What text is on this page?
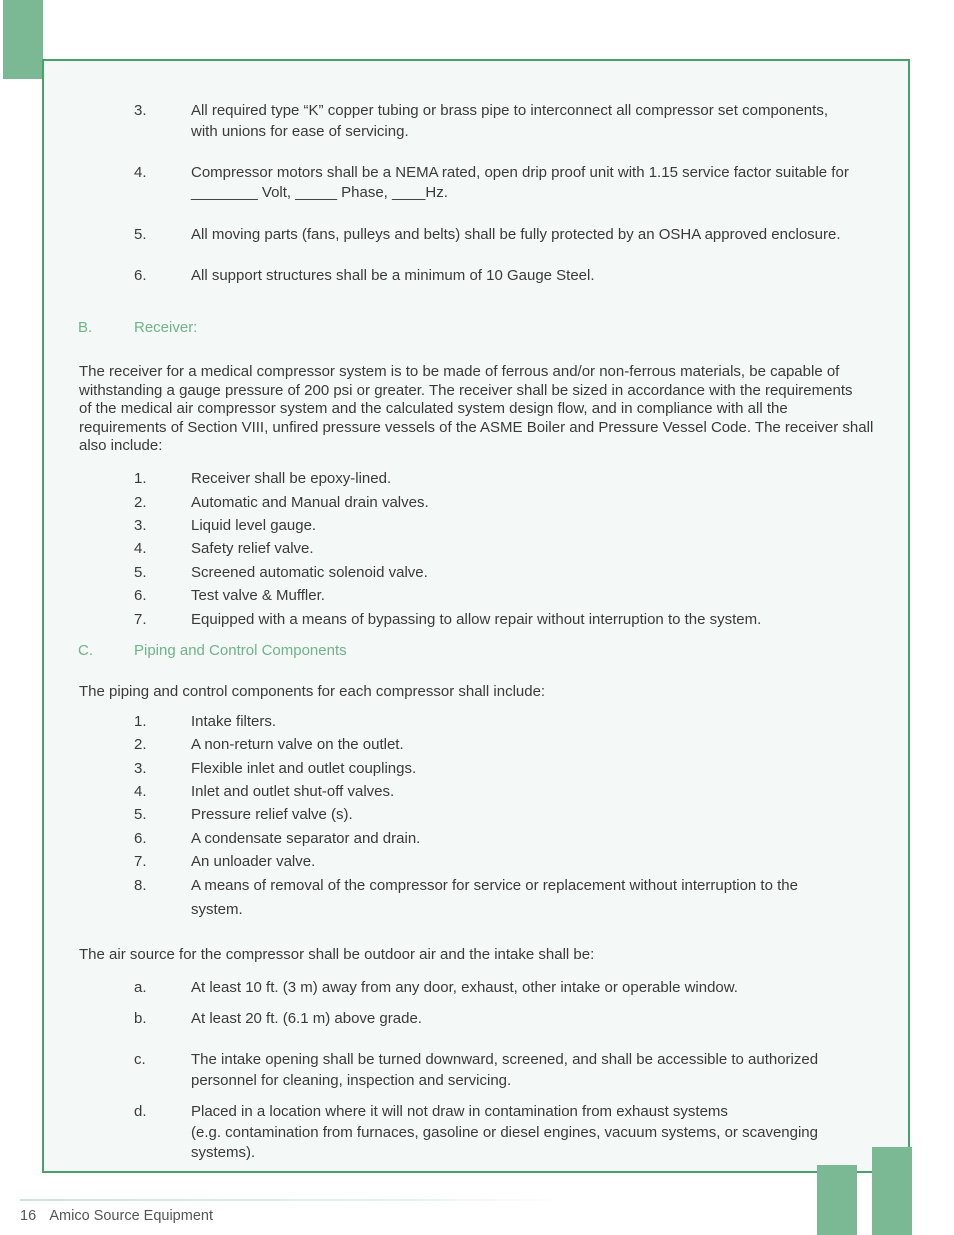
3.	All required type “K” copper tubing or brass pipe to interconnect all compressor set components,
with unions for ease of servicing.
4.	Compressor motors shall be a NEMA rated, open drip proof unit with 1.15 service factor suitable for
________ Volt, _____ Phase, ____Hz.
5.	All moving parts (fans, pulleys and belts) shall be fully protected by an OSHA approved enclosure.
6.	All support structures shall be a minimum of 10 Gauge Steel.
B.	Receiver:
The receiver for a medical compressor system is to be made of ferrous and/or non-ferrous materials, be capable of
withstanding a gauge pressure of 200 psi or greater. The receiver shall be sized in accordance with the requirements
of the medical air compressor system and the calculated system design flow, and in compliance with all the
requirements of Section VIII, unfired pressure vessels of the ASME Boiler and Pressure Vessel Code. The receiver shall
also include:
1.	Receiver shall be epoxy-lined.
2.	Automatic and Manual drain valves.
3.	Liquid level gauge.
4.	Safety relief valve.
5.	Screened automatic solenoid valve.
6.	Test valve & Muffler.
7.	Equipped with a means of bypassing to allow repair without interruption to the system.
C.	Piping and Control Components
The piping and control components for each compressor shall include:
1.	Intake filters.
2.	A non-return valve on the outlet.
3.	Flexible inlet and outlet couplings.
4.	Inlet and outlet shut-off valves.
5.	Pressure relief valve (s).
6.	A condensate separator and drain.
7.	An unloader valve.
8.	A means of removal of the compressor for service or replacement without interruption to the
system.
The air source for the compressor shall be outdoor air and the intake shall be:
a.	At least 10 ft. (3 m) away from any door, exhaust, other intake or operable window.
b.	At least 20 ft. (6.1 m) above grade.
c.	The intake opening shall be turned downward, screened, and shall be accessible to authorized
personnel for cleaning, inspection and servicing.
d.	Placed in a location where it will not draw in contamination from exhaust systems
(e.g. contamination from furnaces, gasoline or diesel engines, vacuum systems, or scavenging
systems).
16 Amico Source Equipment
